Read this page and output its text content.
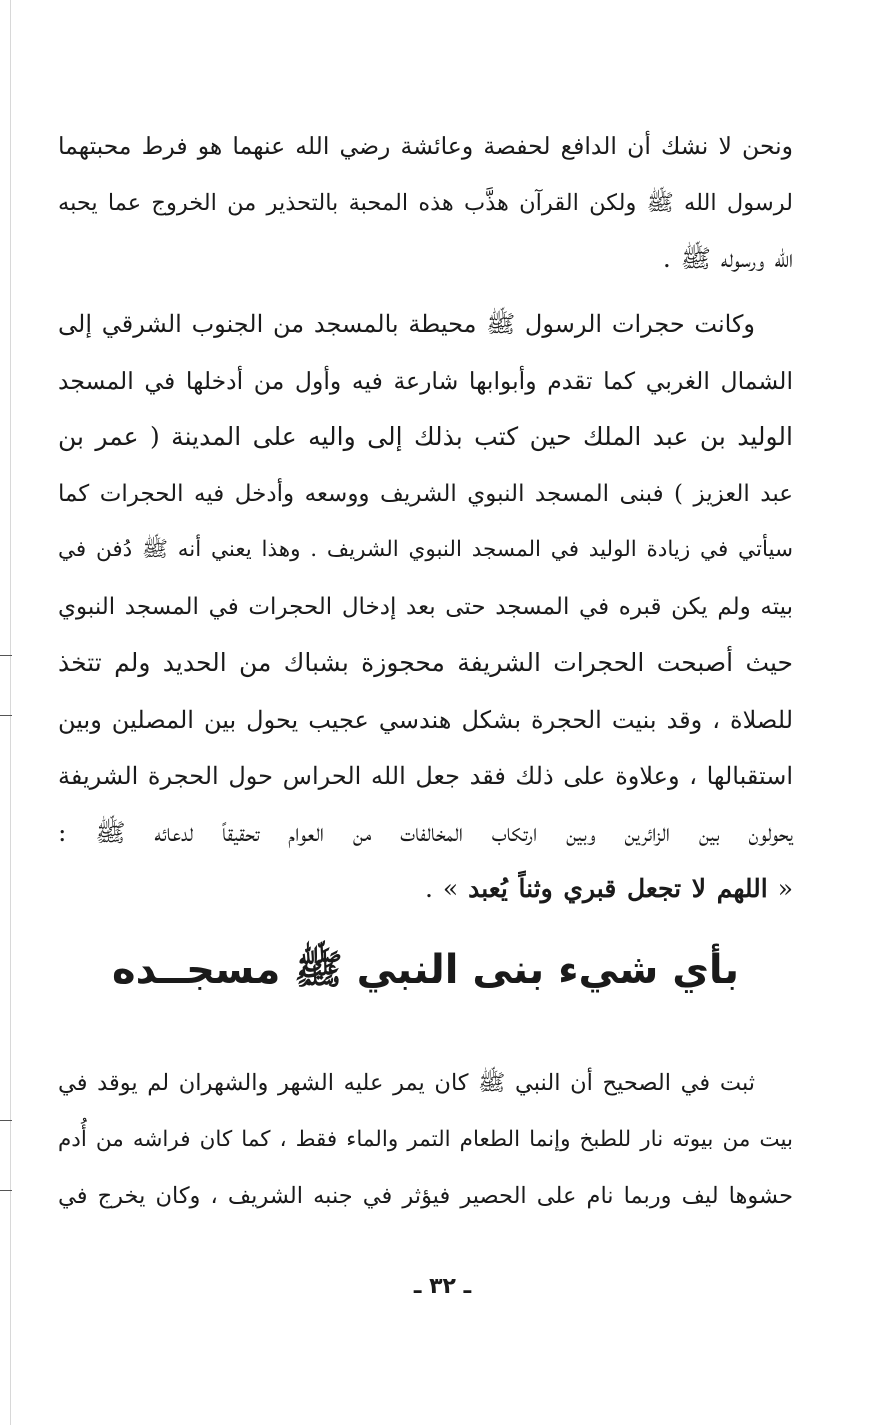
ونحن لا نشك أن الدافع لحفصة وعائشة رضي الله عنهما هو فرط محبتهما
لرسول الله ﷺ ولكن القرآن هذَّب هذه المحبة بالتحذير من الخروج عما يحبه
الله ورسوله ﷺ .
وكانت حجرات الرسول ﷺ محيطة بالمسجد من الجنوب الشرقي إلى
الشمال الغربي كما تقدم وأبوابها شارعة فيه وأول من أدخلها في المسجد
الوليد بن عبد الملك حين كتب بذلك إلى واليه على المدينة ( عمر بن
عبد العزيز ) فبنى المسجد النبوي الشريف ووسعه وأدخل فيه الحجرات كما
سيأتي في زيادة الوليد في المسجد النبوي الشريف . وهذا يعني أنه ﷺ دُفن في
بيته ولم يكن قبره في المسجد حتى بعد إدخال الحجرات في المسجد النبوي
حيث أصبحت الحجرات الشريفة محجوزة بشباك من الحديد ولم تتخذ
للصلاة ، وقد بنيت الحجرة بشكل هندسي عجيب يحول بين المصلين وبين
استقبالها ، وعلاوة على ذلك فقد جعل الله الحراس حول الحجرة الشريفة
يحولون بين الزائرين وبين ارتكاب المخالفات من العوام تحقيقاً لدعائه ﷺ :
« اللهم لا تجعل قبري وثناً يُعبد » .
بأي شيء بنى النبي ﷺ مسجــده
ثبت في الصحيح أن النبي ﷺ كان يمر عليه الشهر والشهران لم يوقد في
بيت من بيوته نار للطبخ وإنما الطعام التمر والماء فقط ، كما كان فراشه من أُدم
حشوها ليف وربما نام على الحصير فيؤثر في جنبه الشريف ، وكان يخرج في
ـ ٣٢ ـ
